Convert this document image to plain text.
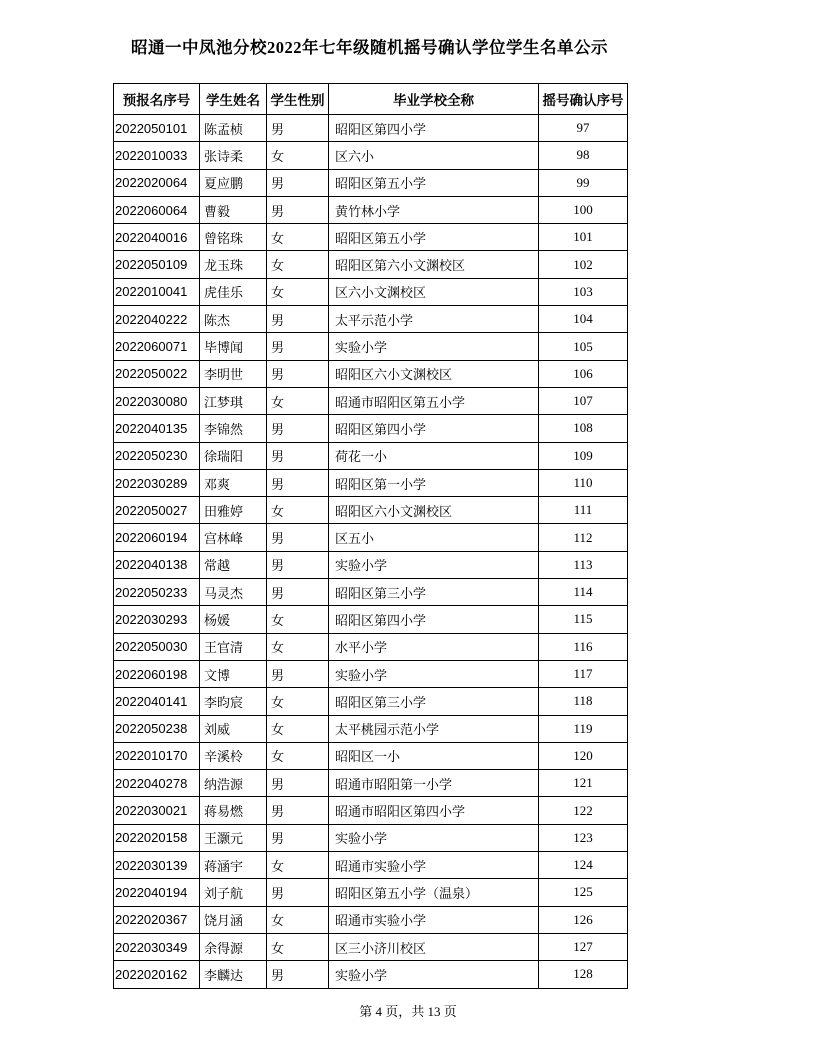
昭通一中凤池分校2022年七年级随机摇号确认学位学生名单公示
预报名序号	学生姓名	学生性别	毕业学校全称	摇号确认序号
2022050101	陈孟桢	男	昭阳区第四小学	97
2022010033	张诗柔	女	区六小	98
2022020064	夏应鹏	男	昭阳区第五小学	99
2022060064	曹毅	男	黄竹林小学	100
2022040016	曾铭珠	女	昭阳区第五小学	101
2022050109	龙玉珠	女	昭阳区第六小文渊校区	102
2022010041	虎佳乐	女	区六小文渊校区	103
2022040222	陈杰	男	太平示范小学	104
2022060071	毕博闻	男	实验小学	105
2022050022	李明世	男	昭阳区六小文渊校区	106
2022030080	江梦琪	女	昭通市昭阳区第五小学	107
2022040135	李锦然	男	昭阳区第四小学	108
2022050230	徐瑞阳	男	荷花一小	109
2022030289	邓爽	男	昭阳区第一小学	110
2022050027	田雅婷	女	昭阳区六小文渊校区	111
2022060194	宫林峰	男	区五小	112
2022040138	常越	男	实验小学	113
2022050233	马灵杰	男	昭阳区第三小学	114
2022030293	杨媛	女	昭阳区第四小学	115
2022050030	王官清	女	水平小学	116
2022060198	文博	男	实验小学	117
2022040141	李昀宸	女	昭阳区第三小学	118
2022050238	刘威	女	太平桃园示范小学	119
2022010170	辛溪柃	女	昭阳区一小	120
2022040278	纳浩源	男	昭通市昭阳第一小学	121
2022030021	蒋易燃	男	昭通市昭阳区第四小学	122
2022020158	王灏元	男	实验小学	123
2022030139	蒋涵宇	女	昭通市实验小学	124
2022040194	刘子航	男	昭阳区第五小学（温泉）	125
2022020367	饶月涵	女	昭通市实验小学	126
2022030349	余得源	女	区三小济川校区	127
2022020162	李麟达	男	实验小学	128
第 4 页，共 13 页
